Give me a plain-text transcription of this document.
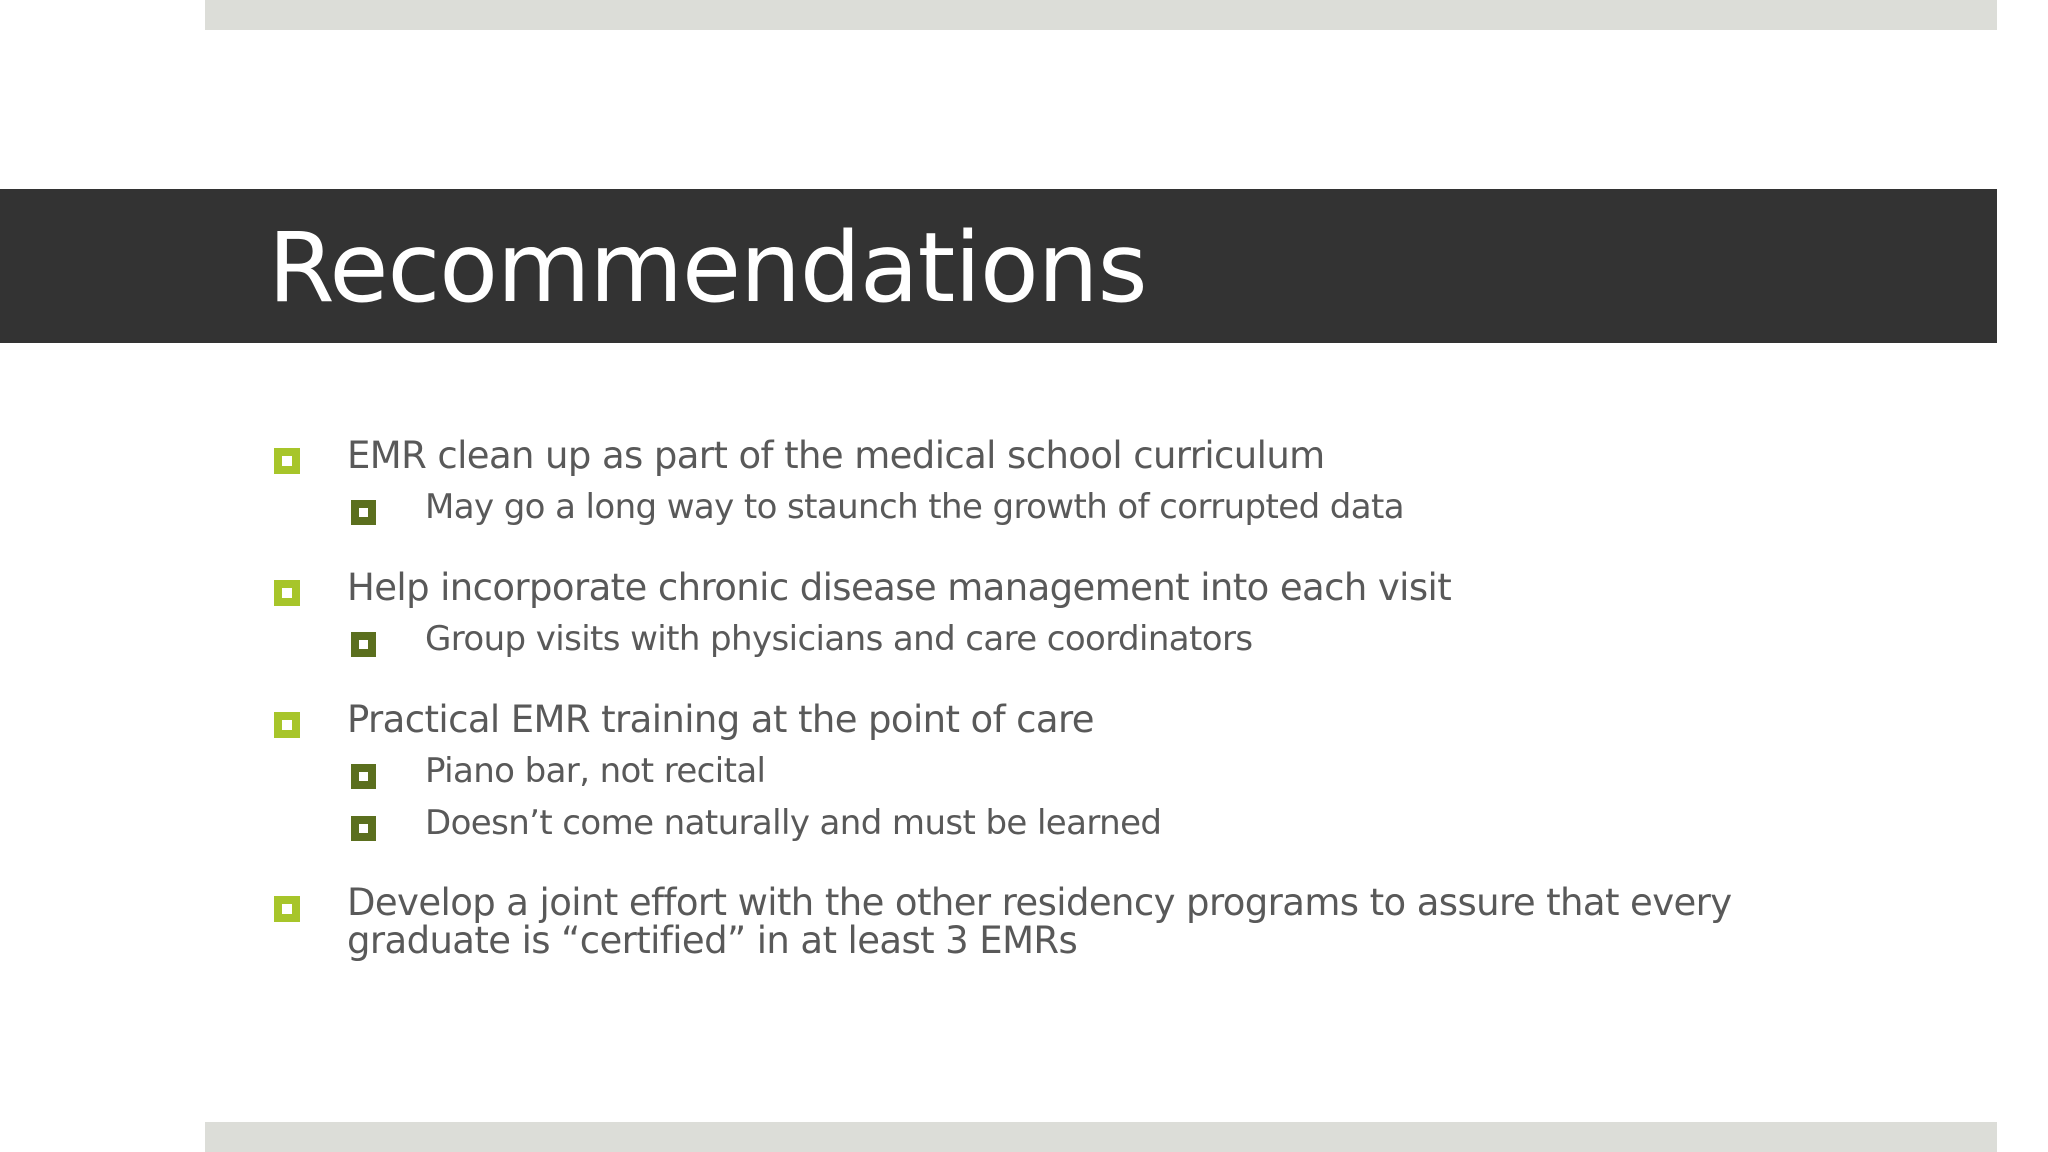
Recommendations
EMR clean up as part of the medical school curriculum
May go a long way to staunch the growth of corrupted data
Help incorporate chronic disease management into each visit
Group visits with physicians and care coordinators
Practical EMR training at the point of care
Piano bar, not recital
Doesn’t come naturally and must be learned
Develop a joint effort with the other residency programs to assure that every graduate is “certified” in at least 3 EMRs
